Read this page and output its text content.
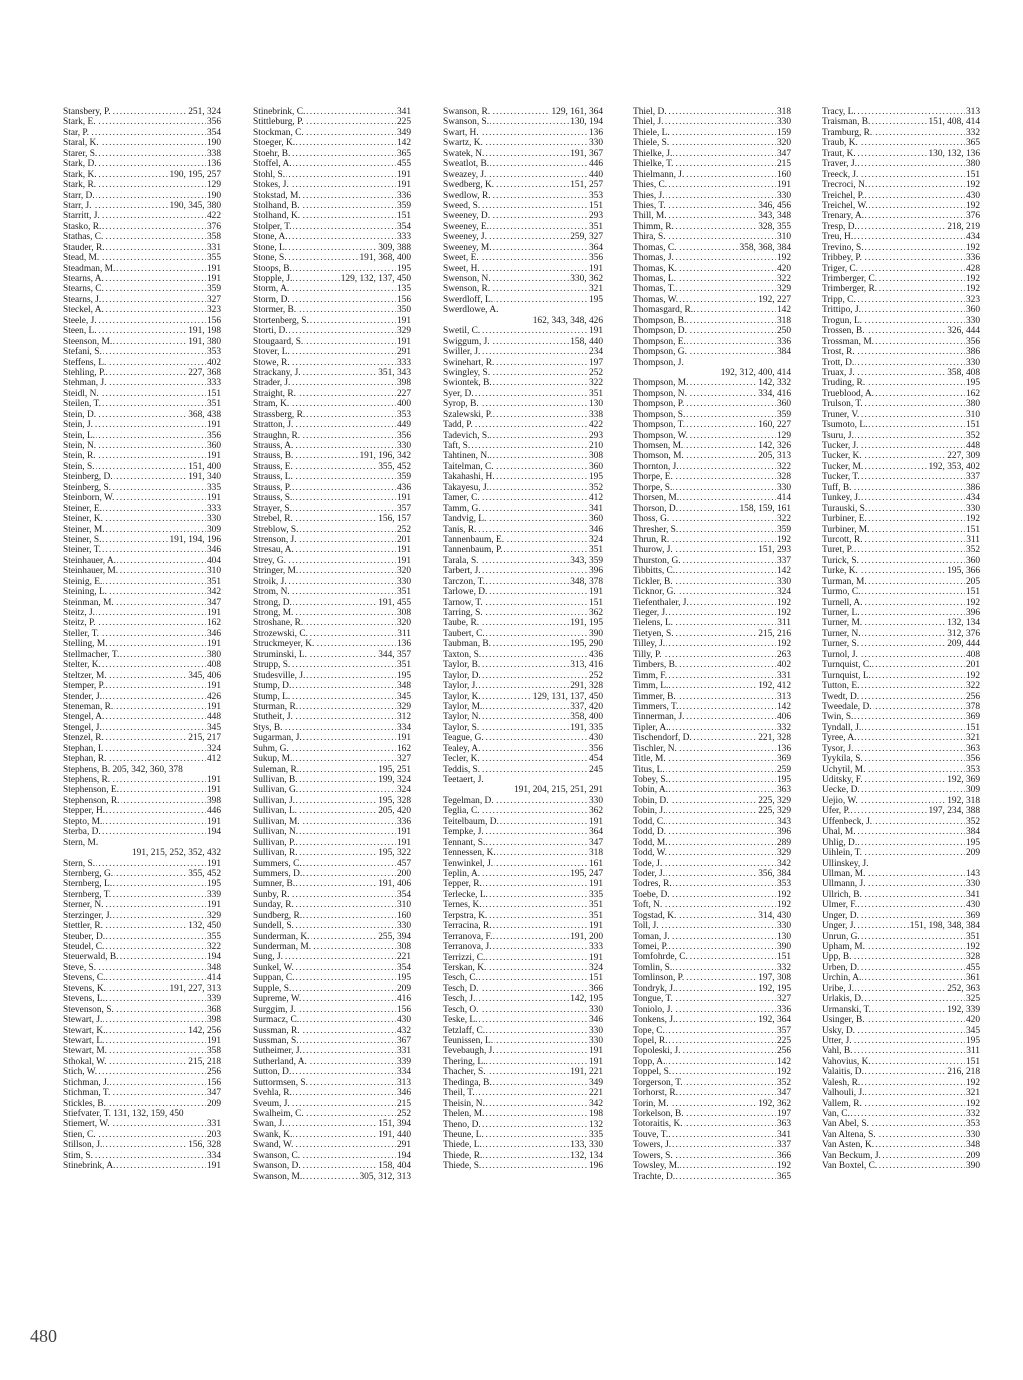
Stansbery, P. .....	251, 324
Stark, E. .....	356
Star, P. .....	354
Staral, K. .....	190
Starer, S. .....	338
Stark, D. .....	136
Stark, K. .....	190, 195, 257
Stark, R. .....	129
Starr, D. .....	190
Starr, J. .....	190, 345, 380
Starritt, J. .....	422
Stasko, R. .....	376
Stathas, C. .....	358
Stauder, R. .....	331
Stead, M. .....	355
Steadman, M. .....	191
Stearns, A. .....	191
Stearns, C. .....	359
Stearns, J. .....	327
Steckel, A. .....	323
Steele, J. .....	156
Steen, L. .....	191, 198
Steenson, M. .....	191, 380
Stefani, S. .....	353
Steffens, L. .....	402
Stehling, P. .....	227, 368
Stehman, J. .....	333
Steidl, N. .....	151
Steilen, T. .....	351
Stein, D. .....	368, 438
Stein, J. .....	191
Stein, L. .....	356
Stein, N. .....	360
Stein, R. .....	191
Stein, S. .....	151, 400
Steinberg, D. .....	191, 340
Steinberg, S. .....	335
Steinborn, W. .....	191
Steiner, E. .....	333
Steiner, K. .....	330
Steiner, M. .....	309
Steiner, S. .....	191, 194, 196
Steiner, T. .....	346
Steinhauer, A. .....	404
Steinhauer, M. .....	310
Steinig, E. .....	351
Steining, L. .....	342
Steinman, M. .....	347
Steitz, J. .....	191
Steitz, P. .....	162
Steller, T. .....	346
Stelling, M. .....	191
Stellmacher, T. .....	380
Stelter, K. .....	408
Steltzer, M. .....	345, 406
Stemper, P. .....	191
Stender, J. .....	426
Steneman, R. .....	191
Stengel, A. .....	448
Stengel, J. .....	345
Stenzel, R. .....	215, 217
Stephan, I. .....	324
Stephan, R. .....	412
Stephens, B. 205, 342, 360, 378
Stephens, R. .....	191
Stephenson, E. .....	191
Stephenson, R. .....	398
Stepper, H. .....	446
Stepto, M. .....	191
Sterba, D. .....	194
Stern, M.
191, 215, 252, 352, 432
Stern, S. .....	191
Sternberg, G. .....	355, 452
Sternberg, L. .....	195
Sternberg, T. .....	339
Sterner, N. .....	191
Sterzinger, J. .....	329
Stettler, R. .....	132, 450
Steuber, D. .....	355
Steudel, C. .....	322
Steuerwald, B. .....	194
Steve, S. .....	348
Stevens, C. .....	414
Stevens, K. .....	191, 227, 313
Stevens, L. .....	339
Stevenson, S. .....	368
Stewart, J. .....	398
Stewart, K. .....	142, 256
Stewart, L. .....	191
Stewart, M. .....	358
Sthokal, W. .....	215, 218
Stich, W. .....	256
Stichman, J. .....	156
Stichman, T. .....	347
Stickles, B. .....	209
Stiefvater, T. 131, 132, 159, 450
Stiemert, W. .....	331
Stien, C. .....	203
Stillson, J. .....	156, 328
Stim, S. .....	334
Stinebrink, A. .....	191
Stinebrink, C. .....	341
Stittleburg, P. .....	225
Stockman, C. .....	349
Stoeger, K. .....	142
Stoehr, B. .....	365
Stoffel, A. .....	455
Stohl, S. .....	191
Stokes, J. .....	191
Stokstad, M. .....	336
Stolhand, B. .....	359
Stolhand, K. .....	151
Stolper, T. .....	354
Stone, A. .....	333
Stone, L. .....	309, 388
Stone, S. .....	191, 368, 400
Stoops, B. .....	195
Stopple, J. .....	129, 132, 137, 450
Storm, A. .....	135
Storm, D. .....	156
Stormer, B. .....	350
Stortenberg, S. .....	191
Storti, D. .....	329
Stougaard, S. .....	191
Stover, L. .....	291
Stowe, R. .....	333
Strackany, J. .....	351, 343
Strader, J. .....	398
Straight, R. .....	227
Stram, K. .....	400
Strassberg, R. .....	353
Stratton, J. .....	449
Straughn, R. .....	356
Strauss, A. .....	330
Strauss, B. .....	191, 196, 342
Strauss, E. .....	355, 452
Strauss, L. .....	359
Strauss, P. .....	436
Strauss, S. .....	191
Strayer, S. .....	357
Strebel, R. .....	156, 157
Streblow, S. .....	252
Strenson, J. .....	201
Stresau, A. .....	191
Strey, G. .....	191
Stringer, M. .....	320
Stroik, J. .....	330
Strom, N. .....	351
Strong, D. .....	191, 455
Strong, M. .....	308
Stroshane, R. .....	320
Strozewski, C. .....	311
Struckmeyer, K. .....	136
Struminski, L. .....	344, 357
Strupp, S. .....	351
Studesville, J. .....	195
Stump, D. .....	348
Stump, L. .....	345
Sturman, R. .....	329
Stutheit, J. .....	312
Stys, B. .....	334
Sugarman, J. .....	191
Suhm, G. .....	162
Sukup, M. .....	327
Suleman, R. .....	195, 251
Sullivan, B. .....	199, 324
Sullivan, G. .....	324
Sullivan, J. .....	195, 328
Sullivan, L. .....	205, 420
Sullivan, M. .....	336
Sullivan, N. .....	191
Sullivan, P. .....	191
Sullivan, R. .....	195, 322
Summers, C. .....	457
Summers, D. .....	200
Sumner, B. .....	191, 406
Sunby, R. .....	354
Sunday, R. .....	310
Sundberg, R. .....	160
Sundell, S. .....	330
Sunderman, K. .....	255, 394
Sunderman, M. .....	308
Sung, J. .....	221
Sunkel, W. .....	354
Suppan, C. .....	195
Supple, S. .....	209
Supreme, W. .....	416
Surggim, J. .....	156
Surmacz, C. .....	430
Sussman, R. .....	432
Sussman, S. .....	367
Sutheimer, J. .....	331
Sutherland, A. .....	339
Sutton, D. .....	334
Suttormsen, S. .....	313
Svehla, R. .....	346
Sveum, J. .....	215
Swalheim, C. .....	252
Swan, J. .....	151, 394
Swank, K. .....	191, 440
Swand, W. .....	291
Swanson, C. .....	194
Swanson, D. .....	158, 404
Swanson, M. .....	305, 312, 313
Swanson, R. .....	129, 161, 364
Swanson, S. .....	130, 194
Swart, H. .....	136
Swartz, K. .....	330
Swatek, N. .....	191, 367
Sweatlot, B. .....	446
Sweazey, J. .....	440
Swedberg, K. .....	151, 257
Swedlow, R. .....	353
Sweed, S. .....	151
Sweeney, D. .....	293
Sweeney, E. .....	351
Sweeney, J. .....	259, 327
Sweeney, M. .....	364
Sweet, E. .....	356
Sweet, H. .....	191
Swenson, N. .....	330, 362
Swenson, R. .....	321
Swerdloff, L. .....	195
Swerdlowe, A.
162, 343, 348, 426
Swetil, C. .....	191
Swiggum, J. .....	158, 440
Swiller, J. .....	234
Swinehart, R. .....	197
Swingley, S. .....	252
Swiontek, B. .....	322
Syer, D. .....	351
Syrop, B. .....	130
Szalewski, P. .....	338
Tadd, P. .....	422
Tadevich, S. .....	293
Taft, S. .....	210
Tahtinen, N. .....	308
Taitelman, C. .....	360
Takahashi, H. .....	195
Takayesu, J. .....	352
Tamer, C. .....	412
Tamm, G. .....	341
Tandvig, L. .....	360
Tanis, R. .....	346
Tannenbaum, E. .....	324
Tannenbaum, P. .....	351
Tarala, S. .....	343, 359
Tarbert, J. .....	396
Tarczon, T. .....	348, 378
Tarlowe, D. .....	191
Tarnow, T. .....	151
Tarring, S. .....	362
Taube, R. .....	191, 195
Taubert, C. .....	390
Taubman, B. .....	195, 290
Taxton, S. .....	436
Taylor, B. .....	313, 416
Taylor, D. .....	252
Taylor, J. .....	291, 328
Taylor, K. .....	129, 131, 137, 450
Taylor, M. .....	337, 420
Taylor, N. .....	358, 400
Taylor, S. .....	191, 335
Teague, G. .....	430
Tealey, A. .....	356
Tecler, K. .....	454
Teddis, S. .....	245
Teetaert, J.
191, 204, 215, 251, 291
Tegelman, D. .....	330
Teglia, C. .....	362
Teitelbaum, D. .....	191
Tempke, J. .....	364
Tennant, S. .....	347
Tennessen, K. .....	318
Tenwinkel, J. .....	161
Teplin, A. .....	195, 247
Tepper, R. .....	191
Terlecke, L. .....	335
Ternes, K. .....	351
Terpstra, K. .....	351
Terracina, R. .....	191
Terranova, F. .....	191, 200
Terranova, J. .....	333
Terrizzi, C. .....	191
Terskan, K. .....	324
Tesch, C. .....	151
Tesch, D. .....	366
Tesch, J. .....	142, 195
Tesch, O. .....	330
Teske, L. .....	346
Tetzlaff, C. .....	330
Teunissen, L. .....	330
Tevebaugh, J. .....	191
Thering, L. .....	191
Thacher, S. .....	191, 221
Thedinga, B. .....	349
Theil, T. .....	221
Theisin, N. .....	342
Thelen, M. .....	198
Theno, D. .....	132
Theune, L. .....	335
Thiede, L. .....	133, 330
Thiede, R. .....	132, 134
Thiede, S. .....	196
Thiel, D. .....	318
Thiel, J. .....	330
Thiele, L. .....	159
Thiele, S. .....	320
Thielke, J. .....	347
Thielke, T. .....	215
Thielmann, J. .....	160
Thies, C. .....	191
Thies, J. .....	330
Thies, T. .....	346, 456
Thill, M. .....	343, 348
Thimm, R. .....	328, 355
Thira, S. .....	310
Thomas, C. .....	358, 368, 384
Thomas, J. .....	192
Thomas, K. .....	420
Thomas, L. .....	322
Thomas, T. .....	329
Thomas, W. .....	192, 227
Thomasgard, R. .....	142
Thompson, B. .....	318
Thompson, D. .....	250
Thompson, E. .....	336
Thompson, G. .....	384
Thompson, J.
192, 312, 400, 414
Thompson, M. .....	142, 332
Thompson, N. .....	334, 416
Thompson, P. .....	360
Thompson, S. .....	359
Thompson, T. .....	160, 227
Thompson, W. .....	129
Thomsen, M. .....	142, 326
Thomson, M. .....	205, 313
Thornton, J. .....	322
Thorpe, E. .....	328
Thorpe, S. .....	330
Thorsen, M. .....	414
Thorson, D. .....	158, 159, 161
Thoss, G. .....	322
Thresher, S. .....	359
Thrun, R. .....	192
Thurow, J. .....	151, 293
Thurston, G. .....	337
Tibbitts, C. .....	142
Tickler, B. .....	330
Ticknor, G. .....	324
Tiefenthaler, J. .....	192
Tieger, J. .....	192
Tielens, L. .....	311
Tietyen, S. .....	215, 216
Tilley, J. .....	192
Tilly, P. .....	263
Timbers, B. .....	402
Timm, F. .....	331
Timm, L. .....	192, 412
Timmer, B. .....	313
Timmers, T. .....	142
Tinnerman, J. .....	406
Tipler, A. .....	332
Tischendorf, D. .....	221, 328
Tischler, N. .....	136
Title, M. .....	369
Titus, L. .....	259
Tobey, S. .....	195
Tobin, A. .....	363
Tobin, D. .....	225, 329
Tobin, J. .....	225, 329
Todd, C. .....	343
Todd, D. .....	396
Todd, M. .....	289
Todd, W. .....	329
Tode, J. .....	342
Toder, J. .....	356, 384
Todres, R. .....	353
Toebe, D. .....	192
Toft, N. .....	192
Togstad, K. .....	314, 430
Toll, J. .....	330
Toman, J. .....	130
Tomei, P. .....	390
Tomfohrde, C. .....	151
Tomlin, S. .....	332
Tomlinson, P. .....	197, 308
Tondryk, J. .....	192, 195
Tongue, T. .....	327
Toniolo, J. .....	336
Tonkens, J. .....	192, 364
Tope, C. .....	357
Topel, R. .....	225
Topoleski, J. .....	256
Topp, A. .....	142
Toppel, S. .....	192
Torgerson, T. .....	352
Torhorst, R. .....	347
Torin, M. .....	192, 362
Torkelson, B. .....	197
Totoraitis, K. .....	363
Touve, T. .....	341
Towers, J. .....	337
Towers, S. .....	366
Towsley, M. .....	192
Trachte, D. .....	365
Tracy, L. .....	313
Traisman, B. .....	151, 408, 414
Tramburg, R. .....	332
Traub, K. .....	365
Traut, K. .....	130, 132, 136
Traver, J. .....	380
Treeck, J. .....	151
Trecroci, N. .....	192
Treichel, P. .....	430
Treichel, W. .....	192
Trenary, A. .....	376
Tresp, D. .....	218, 219
Treu, H. .....	434
Trevino, S. .....	192
Tribbey, P. .....	336
Triger, C. .....	428
Trimberger, C. .....	192
Trimberger, R. .....	192
Tripp, C. .....	323
Trittipo, J. .....	360
Trogun, L. .....	330
Trossen, B. .....	326, 444
Trossman, M. .....	356
Trost, R. .....	386
Trott, D. .....	330
Truax, J. .....	358, 408
Truding, R. .....	195
Trueblood, A. .....	162
Trulson, T. .....	380
Truner, V. .....	310
Tsumoto, L. .....	151
Tsuru, J. .....	352
Tucker, J. .....	448
Tucker, K. .....	227, 309
Tucker, M. .....	192, 353, 402
Tucker, T. .....	337
Tuff, B. .....	386
Tunkey, J. .....	434
Turauski, S. .....	330
Turbiner, E. .....	192
Turbiner, M. .....	151
Turcott, R. .....	311
Turet, P. .....	352
Turick, S. .....	360
Turke, K. .....	195, 366
Turman, M. .....	205
Turmo, C. .....	151
Turnell, A. .....	192
Turner, L. .....	396
Turner, M. .....	132, 134
Turner, N. .....	312, 376
Turner, S. .....	209, 444
Turnol, J. .....	408
Turnquist, C. .....	201
Turnquist, L. .....	192
Tutton, E. .....	322
Twedt, D. .....	256
Tweedale, D. .....	378
Twin, S. .....	369
Tyndall, J. .....	151
Tyree, A. .....	321
Tysor, J. .....	363
Tyykila, S. .....	356
Uchytil, M. .....	353
Uditsky, F. .....	192, 369
Uecke, D. .....	309
Uejio, W. .....	192, 318
Ufer, P. .....	197, 234, 388
Uffenbeck, J. .....	352
Uhal, M. .....	384
Uhlig, D. .....	195
Uihlein, T. .....	209
Ullinskey, J.
Ullman, M. .....	143
Ullmann, J. .....	330
Ullrich, B. .....	341
Ulmer, F. .....	430
Unger, D. .....	369
Unger, J. .....	151, 198, 348, 384
Unrun, G. .....	351
Upham, M. .....	192
Upp, B. .....	328
Urben, D. .....	455
Urchin, A. .....	361
Uribe, J. .....	252, 363
Urlakis, D. .....	325
Urmanski, T. .....	192, 339
Usinger, B. .....	420
Usky, D. .....	345
Utter, J. .....	195
Vahl, B. .....	311
Vahovius, K. .....	151
Valaitis, D. .....	216, 218
Valesh, R. .....	192
Valhouli, J. .....	321
Vallem, R. .....	192
Van, C. .....	332
Van Abel, S. .....	353
Van Altena, S. .....	330
Van Asten, K. .....	348
Van Beckum, J. .....	209
Van Boxtel, C. .....	390
480
